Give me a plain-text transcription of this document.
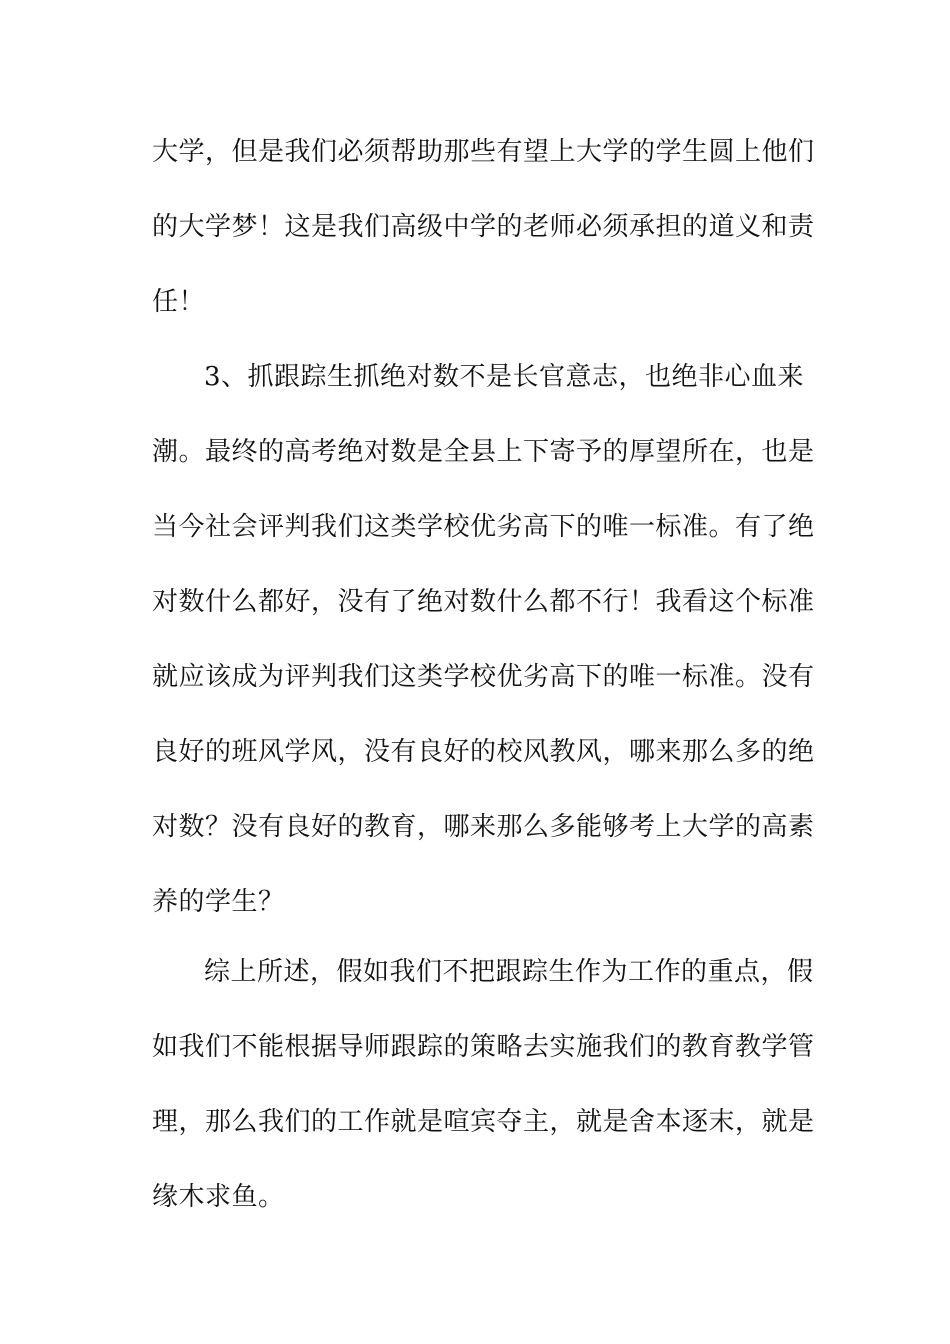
大学，但是我们必须帮助那些有望上大学的学生圆上他们
的大学梦！这是我们高级中学的老师必须承担的道义和责
任！
3、抓跟踪生抓绝对数不是长官意志，也绝非心血来
潮。最终的高考绝对数是全县上下寄予的厚望所在，也是
当今社会评判我们这类学校优劣高下的唯一标准。有了绝
对数什么都好，没有了绝对数什么都不行！我看这个标准
就应该成为评判我们这类学校优劣高下的唯一标准。没有
良好的班风学风，没有良好的校风教风，哪来那么多的绝
对数？没有良好的教育，哪来那么多能够考上大学的高素
养的学生？
综上所述，假如我们不把跟踪生作为工作的重点，假
如我们不能根据导师跟踪的策略去实施我们的教育教学管
理，那么我们的工作就是喧宾夺主，就是舍本逐末，就是
缘木求鱼。
